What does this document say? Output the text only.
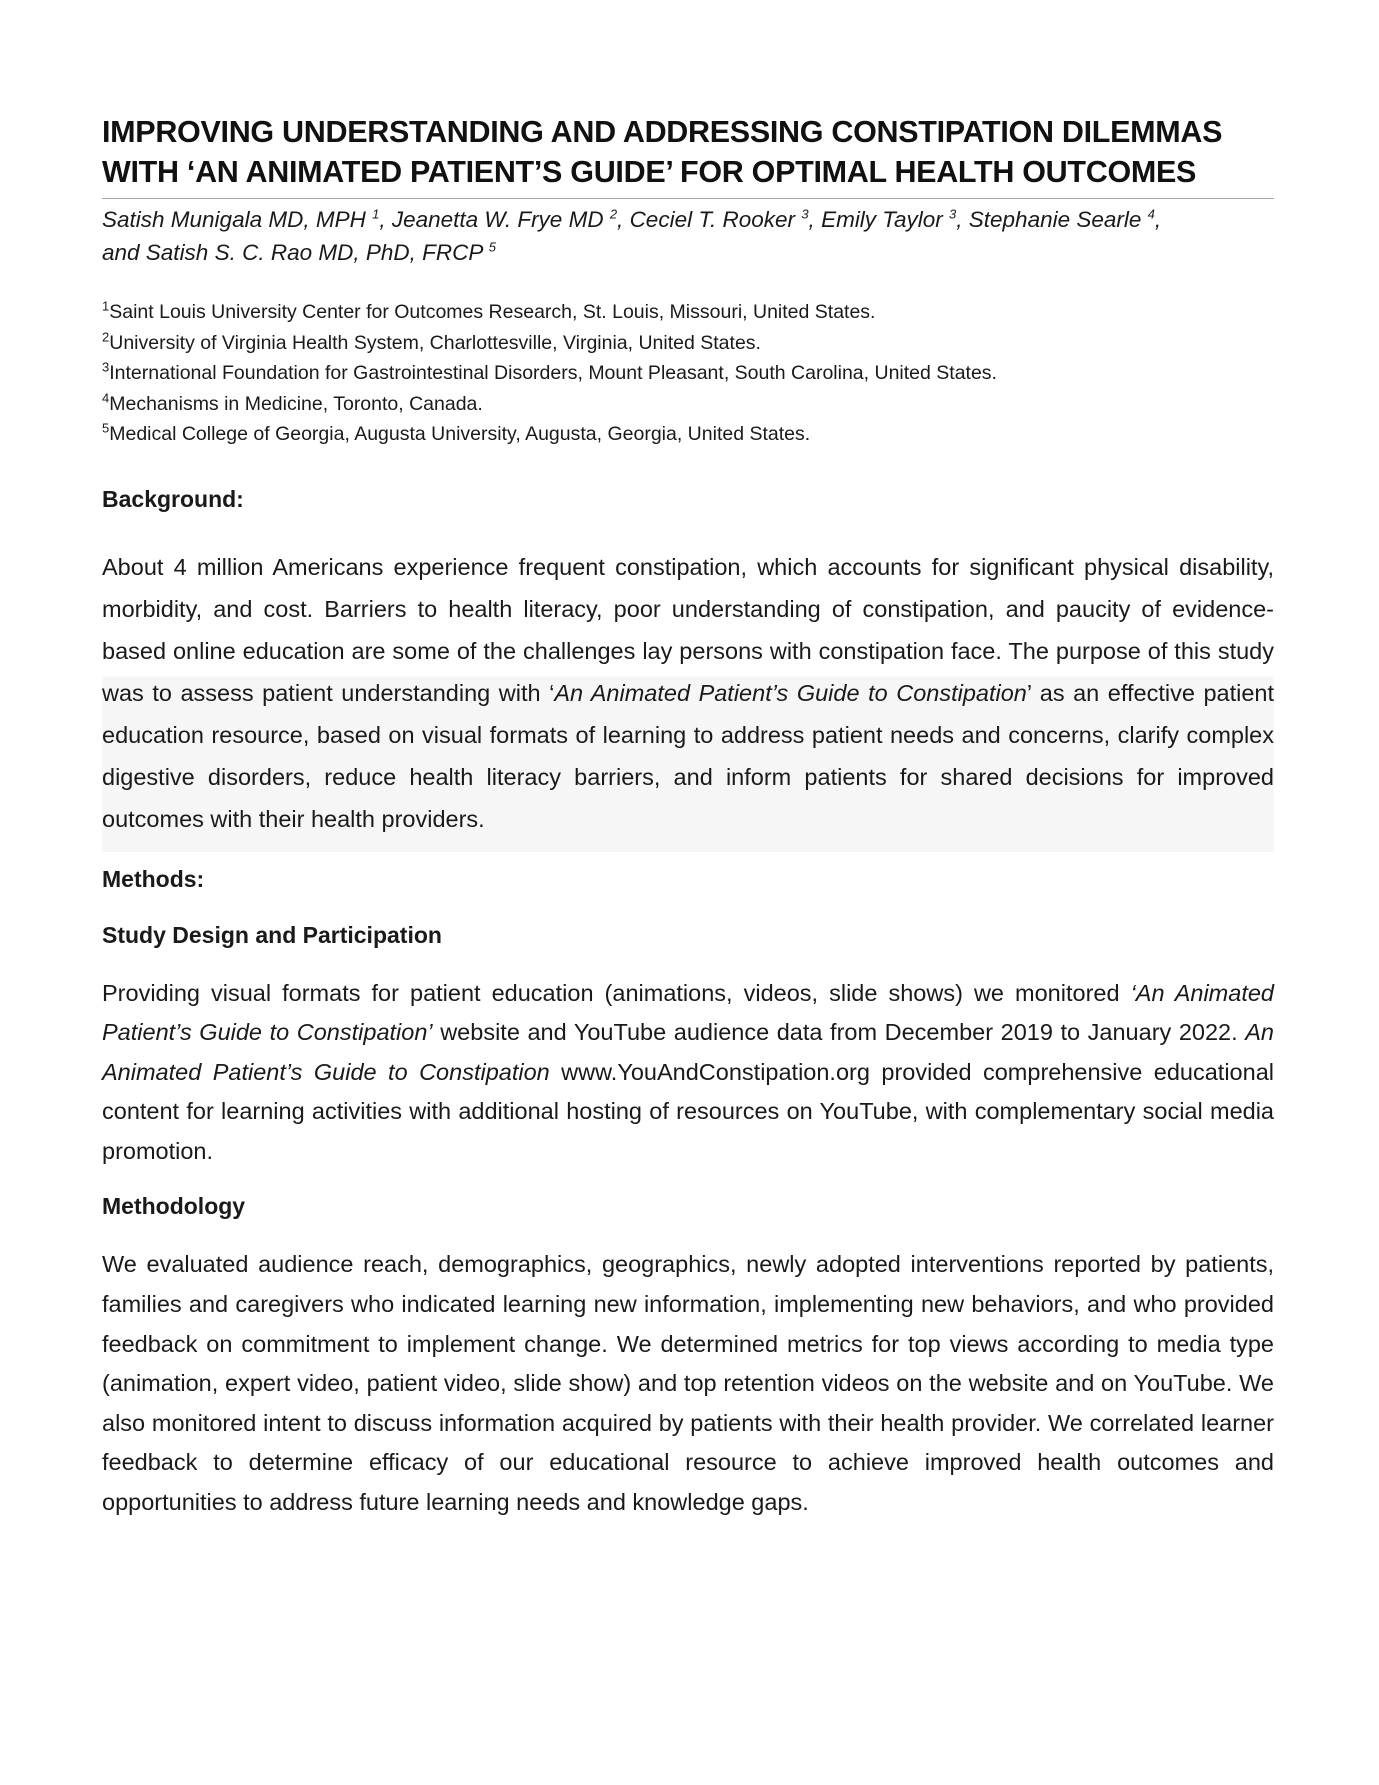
IMPROVING UNDERSTANDING AND ADDRESSING CONSTIPATION DILEMMAS
WITH ‘AN ANIMATED PATIENT’S GUIDE’ FOR OPTIMAL HEALTH OUTCOMES

Satish Munigala MD, MPH $^1$, Jeanetta W. Frye MD $^2$, Ceciel T. Rooker $^3$, Emily Taylor $^3$, Stephanie Searle $^4$,
and Satish S. C. Rao MD, PhD, FRCP $^5$

$^1$Saint Louis University Center for Outcomes Research, St. Louis, Missouri, United States.
$^2$University of Virginia Health System, Charlottesville, Virginia, United States.
$^3$International Foundation for Gastrointestinal Disorders, Mount Pleasant, South Carolina, United States.
$^4$Mechanisms in Medicine, Toronto, Canada.
$^5$Medical College of Georgia, Augusta University, Augusta, Georgia, United States.
Background:

About 4 million Americans experience frequent constipation, which accounts for significant physical disability, morbidity, and cost. Barriers to health literacy, poor understanding of constipation, and paucity of evidence-based online education are some of the challenges lay persons with constipation face. The purpose of this study was to assess patient understanding with ‘An Animated Patient’s Guide to Constipation’ as an effective patient education resource, based on visual formats of learning to address patient needs and concerns, clarify complex digestive disorders, reduce health literacy barriers, and inform patients for shared decisions for improved outcomes with their health providers.

Methods:
Study Design and Participation

Providing visual formats for patient education (animations, videos, slide shows) we monitored ‘An Animated Patient’s Guide to Constipation’ website and YouTube audience data from December 2019 to January 2022. An Animated Patient’s Guide to Constipation www.YouAndConstipation.org provided comprehensive educational content for learning activities with additional hosting of resources on YouTube, with complementary social media promotion.

Methodology

We evaluated audience reach, demographics, geographics, newly adopted interventions reported by patients, families and caregivers who indicated learning new information, implementing new behaviors, and who provided feedback on commitment to implement change. We determined metrics for top views according to media type (animation, expert video, patient video, slide show) and top retention videos on the website and on YouTube. We also monitored intent to discuss information acquired by patients with their health provider. We correlated learner feedback to determine efficacy of our educational resource to achieve improved health outcomes and opportunities to address future learning needs and knowledge gaps.
